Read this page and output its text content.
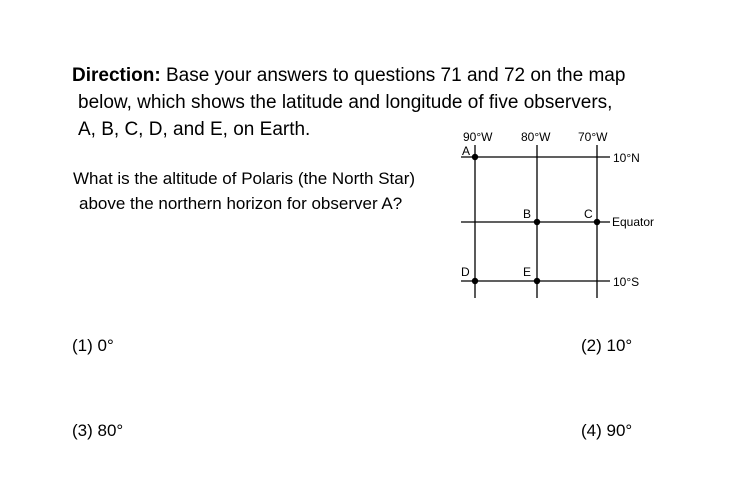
Direction: Base your answers to questions 71 and 72 on the map
below, which shows the latitude and longitude of five observers,
A, B, C, D, and E, on Earth.
What is the altitude of Polaris (the North Star)
above the northern horizon for observer A?
90°W 80°W 70°W
10°N
Equator
10°S
A
B	C
D	E
(1) 0°	(2) 10°
(3) 80°	(4) 90°
